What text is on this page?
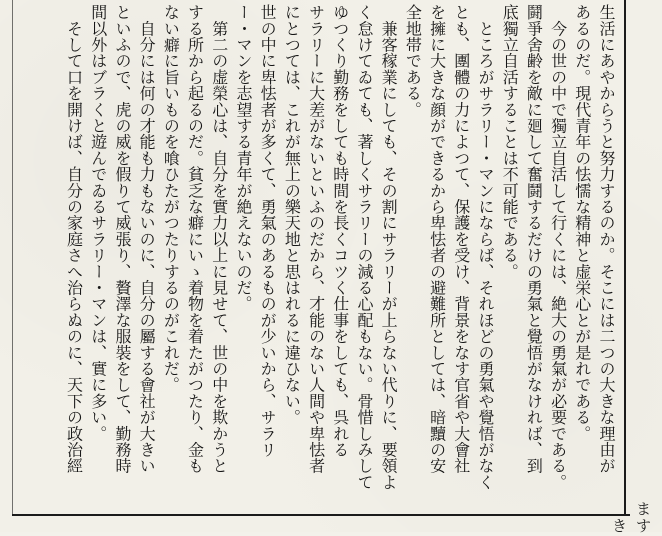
生活にあやからうと努力するのか。そこには二つの大きな理由が
あるのだ。現代青年の怯懦な精神と虚栄心とが是れである。
　今の世の中で獨立自活して行くには、絶大の勇氣が必要である。
鬪爭舍齢を敵に廻して奮鬪するだけの勇氣と覺悟がなければ、到
底獨立自活することは不可能である。
　ところがサラリー・マンにならば、それほどの勇氣や覺悟がなく
とも、團體の力によつて、保護を受け、背景をなす官省や大會社
を擁に大きな顔ができるから卑怯者の避難所としては、暗黷の安
全地帯である。
　兼客稼業にしても、その割にサラリーが上らない代りに、要領よ
く怠けてゐても、著しくサラリーの減る心配もない。骨惜しみして
ゆつくり勤務をしても時間を長くコツく仕事をしても、呉れる
サラリーに大差がないといふのだから、才能のない人間や卑怯者
にとつては、これが無上の樂天地と思はれるに違ひない。
世の中に卑怯者が多くて、勇氣のあるものが少いから、サラリ
ー・マンを志望する青年が絶えないのだ。
　第二の虚榮心は、自分を實力以上に見せて、世の中を欺かうと
する所から起るのだ。貧乏な癖にいゝ着物を着たがつたり、金も
ない癖に旨いものを喰ひたがつたりするのがこれだ。
　自分には何の才能も力もないのに、自分の屬する會社が大きい
といふので、虎の威を假りて威張り、贅澤な服裝をして、勤務時
間以外はブラくと遊んでゐるサラリー・マンは、實に多い。
　そして口を開けば、自分の家庭さへ治らぬのに、天下の政治經
ま
き す
